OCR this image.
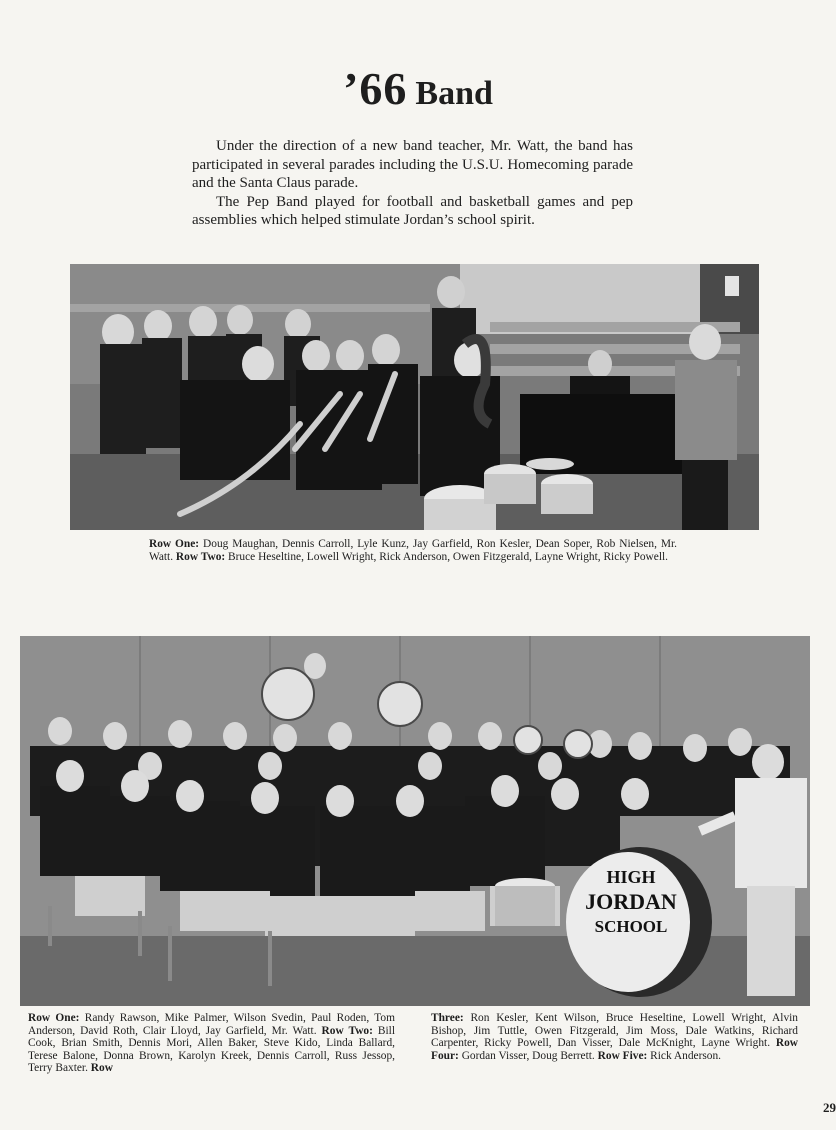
’66 Band

Under the direction of a new band teacher, Mr. Watt, the band has participated in several parades including the U.S.U. Homecoming parade and the Santa Claus parade.

The Pep Band played for football and basketball games and pep assemblies which helped stimulate Jordan’s school spirit.

Row One: Doug Maughan, Dennis Carroll, Lyle Kunz, Jay Garfield, Ron Kesler, Dean Soper, Rob Nielsen, Mr. Watt. Row Two: Bruce Heseltine, Lowell Wright, Rick Anderson, Owen Fitzgerald, Layne Wright, Ricky Powell.
HIGH
JORDAN
SCHOOL
Row One: Randy Rawson, Mike Palmer, Wilson Svedin, Paul Roden, Tom Anderson, David Roth, Clair Lloyd, Jay Garfield, Mr. Watt. Row Two: Bill Cook, Brian Smith, Dennis Mori, Allen Baker, Steve Kido, Linda Ballard, Terese Balone, Donna Brown, Karolyn Kreek, Dennis Carroll, Russ Jessop, Terry Baxter. Row
Three: Ron Kesler, Kent Wilson, Bruce Heseltine, Lowell Wright, Alvin Bishop, Jim Tuttle, Owen Fitzgerald, Jim Moss, Dale Watkins, Richard Carpenter, Ricky Powell, Dan Visser, Dale McKnight, Layne Wright. Row Four: Gordan Visser, Doug Berrett. Row Five: Rick Anderson.
29
